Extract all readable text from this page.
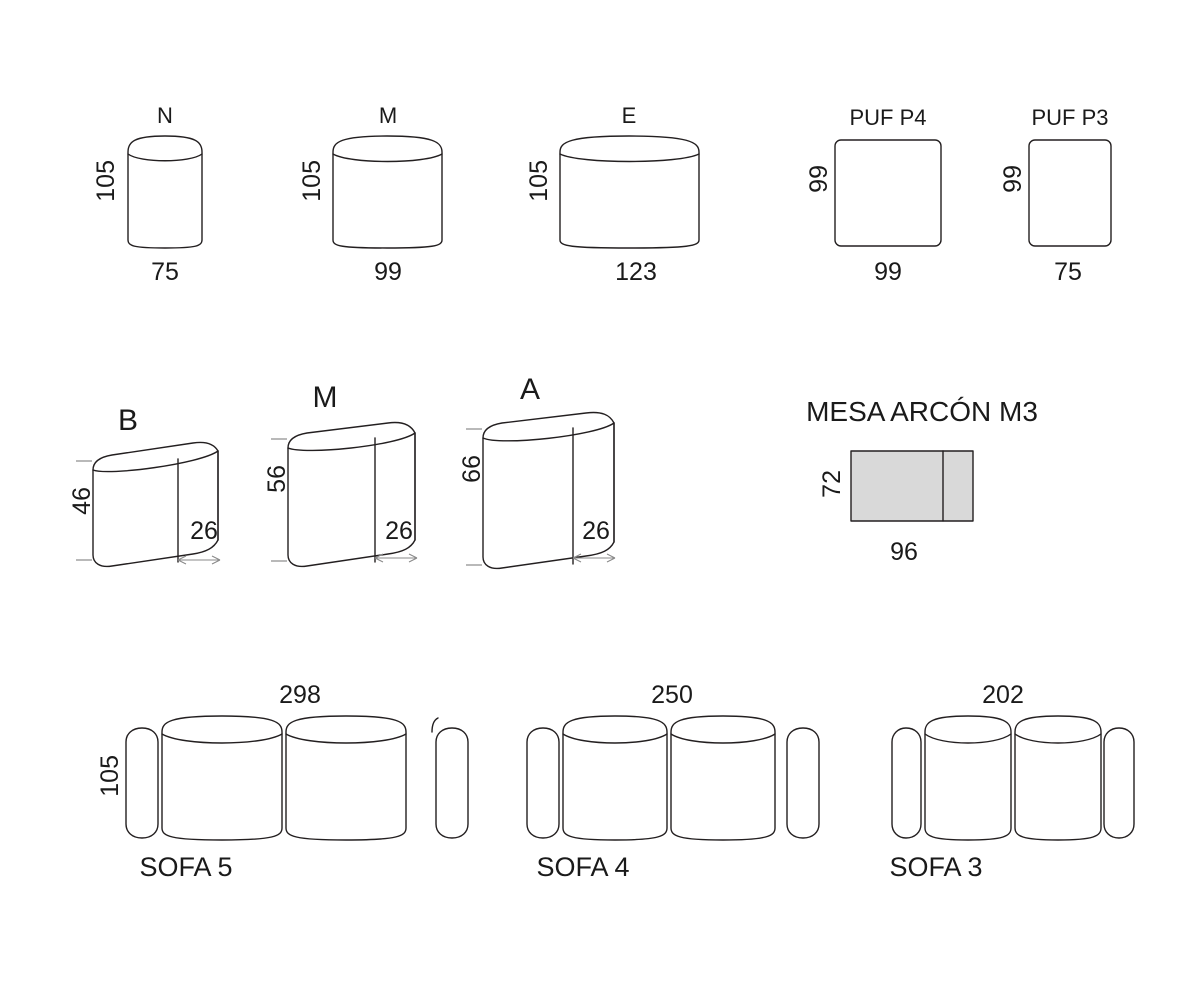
N
75
105
M
99
105
E
123
105
PUF P4
99
99
PUF P3
75
99
B
46
26
M
56
26
A
66
26
MESA ARCÓN M3
72
96
298
105
SOFA 5
250
SOFA 4
202
SOFA 3
